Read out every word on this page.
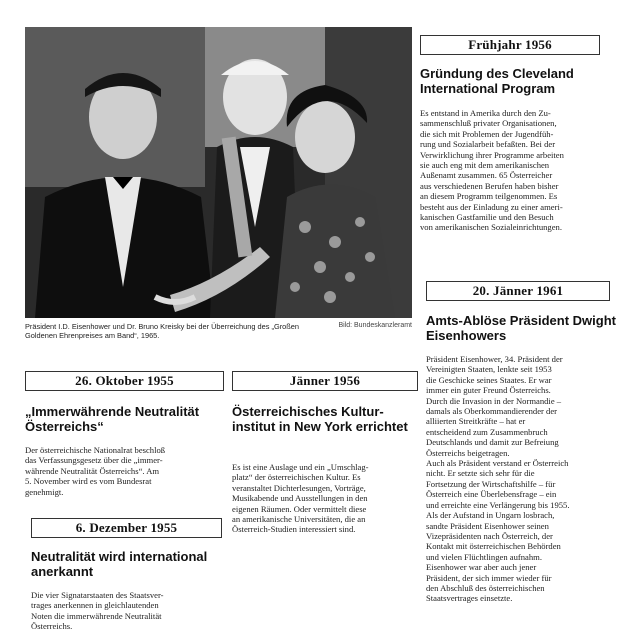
Präsident I.D. Eisenhower und Dr. Bruno Kreisky bei der Überreichung des „Großen Goldenen Ehrenpreises am Band“, 1965.
Bild: Bundeskanzleramt
Frühjahr 1956
Gründung des Cleveland International Program
Es entstand in Amerika durch den Zu-
sammenschluß privater Organisationen,
die sich mit Problemen der Jugendfüh-
rung und Sozialarbeit befaßten. Bei der
Verwirklichung ihrer Programme arbeiten
sie auch eng mit dem amerikanischen
Außenamt zusammen. 65 Österreicher
aus verschiedenen Berufen haben bisher
an diesem Programm teilgenommen. Es
besteht aus der Einladung zu einer ameri-
kanischen Gastfamilie und den Besuch
von amerikanischen Sozialeinrichtungen.
20. Jänner 1961
Amts-Ablöse Präsident Dwight Eisenhowers
Präsident Eisenhower, 34. Präsident der
Vereinigten Staaten, lenkte seit 1953
die Geschicke seines Staates. Er war
immer ein guter Freund Österreichs.
Durch die Invasion in der Normandie –
damals als Oberkommandierender der
alliierten Streitkräfte – hat er
entscheidend zum Zusammenbruch
Deutschlands und damit zur Befreiung
Österreichs beigetragen.
Auch als Präsident verstand er Österreich
nicht. Er setzte sich sehr für die
Fortsetzung der Wirtschaftshilfe – für
Österreich eine Überlebensfrage – ein
und erreichte eine Verlängerung bis 1955.
Als der Aufstand in Ungarn losbrach,
sandte Präsident Eisenhower seinen
Vizepräsidenten nach Österreich, der
Kontakt mit österreichischen Behörden
und vielen Flüchtlingen aufnahm.
Eisenhower war aber auch jener
Präsident, der sich immer wieder für
den Abschluß des österreichischen
Staatsvertrages einsetzte.
26. Oktober 1955
„Immerwährende Neutralität Österreichs“
Der österreichische Nationalrat beschloß
das Verfassungsgesetz über die „immer-
währende Neutralität Österreichs“. Am
5. November wird es vom Bundesrat
genehmigt.
6. Dezember 1955
Neutralität wird international anerkannt
Die vier Signatarstaaten des Staatsver-
trages anerkennen in gleichlautenden
Noten die immerwährende Neutralität
Österreichs.
Jänner 1956
Österreichisches Kultur-institut in New York errichtet
Es ist eine Auslage und ein „Umschlag-
platz“ der österreichischen Kultur. Es
veranstaltet Dichterlesungen, Vorträge,
Musikabende und Ausstellungen in den
eigenen Räumen. Oder vermittelt diese
an amerikanische Universitäten, die an
Österreich-Studien interessiert sind.
